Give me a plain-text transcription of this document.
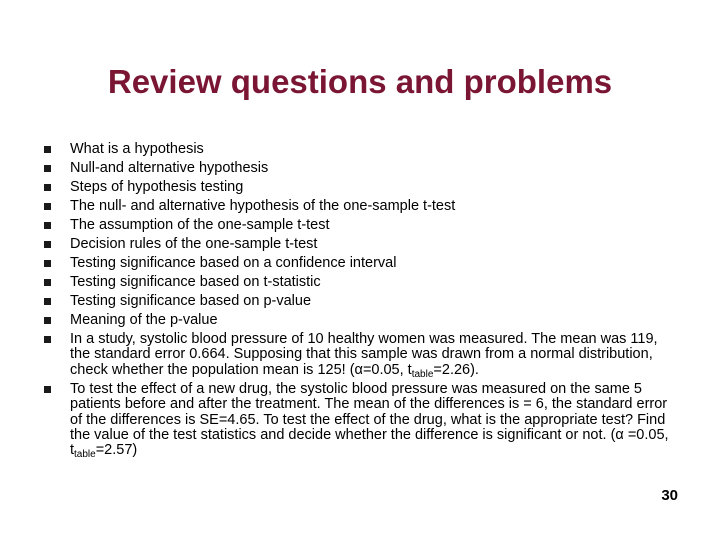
Review questions and problems
What is a hypothesis
Null-and alternative hypothesis
Steps of hypothesis testing
The null- and alternative hypothesis of the one-sample t-test
The assumption of the one-sample t-test
Decision rules of the one-sample t-test
Testing significance based on a confidence interval
Testing significance based on t-statistic
Testing significance based on p-value
Meaning of the p-value
In a study, systolic blood pressure of 10 healthy women was measured. The mean was 119, the standard error 0.664. Supposing that this sample was drawn from a normal distribution, check whether the population mean is 125! (α=0.05, $t_{table}=2.26$).
To test the effect of a new drug, the systolic blood pressure was measured on the same 5 patients before and after the treatment. The mean of the differences is = 6, the standard error of the differences is SE=4.65. To test the effect of the drug, what is the appropriate test? Find the value of the test statistics and decide whether the difference is significant or not. (α =0.05, $t_{table}=2.57$)
30
